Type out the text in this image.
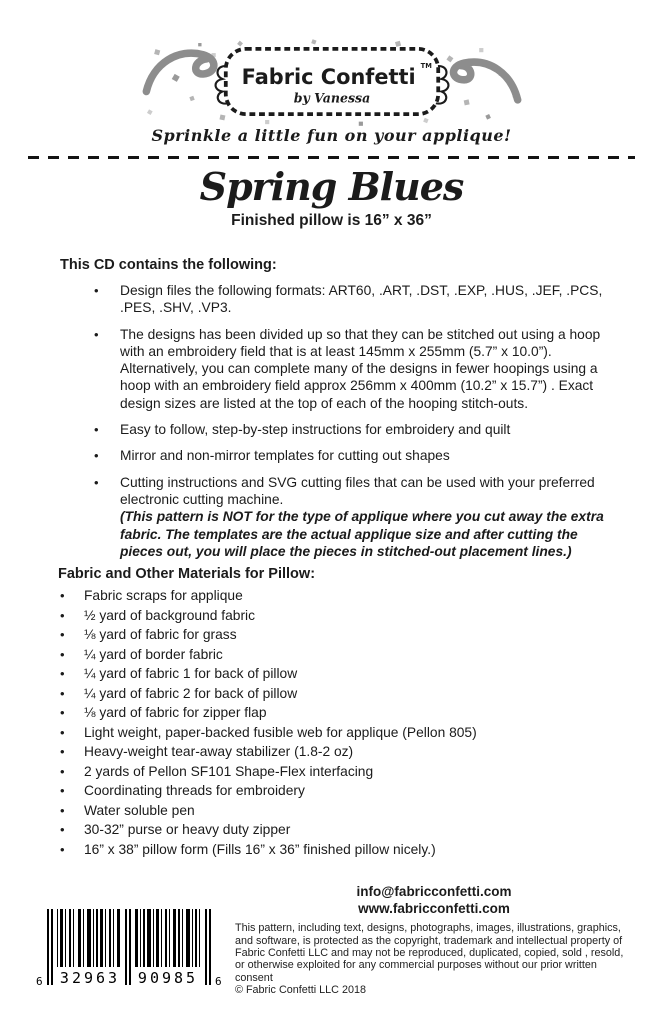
Fabric Confetti TM
by Vanessa
Sprinkle a little fun on your applique!
Spring Blues
Finished pillow is 16” x 36”
This CD contains the following:
• Design files the following formats: ART60, .ART, .DST, .EXP, .HUS, .JEF, .PCS, .PES, .SHV, .VP3.
• The designs has been divided up so that they can be stitched out using a hoop with an embroidery field that is at least 145mm x 255mm (5.7” x 10.0”). Alternatively, you can complete many of the designs in fewer hoopings using a hoop with an embroidery field approx 256mm x 400mm (10.2” x 15.7”) . Exact design sizes are listed at the top of each of the hooping stitch-outs.
• Easy to follow, step-by-step instructions for embroidery and quilt
• Mirror and non-mirror templates for cutting out shapes
• Cutting instructions and SVG cutting files that can be used with your preferred electronic cutting machine.
(This pattern is NOT for the type of applique where you cut away the extra fabric. The templates are the actual applique size and after cutting the pieces out, you will place the pieces in stitched-out placement lines.)
Fabric and Other Materials for Pillow:
• Fabric scraps for applique
• ½ yard of background fabric
• ⅛ yard of fabric for grass
• ¼ yard of border fabric
• ¼ yard of fabric 1 for back of pillow
• ¼ yard of fabric 2 for back of pillow
• ⅛ yard of fabric for zipper flap
• Light weight, paper-backed fusible web for applique (Pellon 805)
• Heavy-weight tear-away stabilizer (1.8-2 oz)
• 2 yards of Pellon SF101 Shape-Flex interfacing
• Coordinating threads for embroidery
• Water soluble pen
• 30-32” purse or heavy duty zipper
• 16” x 38” pillow form (Fills 16” x 36” finished pillow nicely.)
6 32963 90985 6
info@fabricconfetti.com
www.fabricconfetti.com
This pattern, including text, designs, photographs, images, illustrations, graphics, and software, is protected as the copyright, trademark and intellectual property of Fabric Confetti LLC and may not be reproduced, duplicated, copied, sold , resold, or otherwise exploited for any commercial purposes without our prior written consent
© Fabric Confetti LLC 2018
